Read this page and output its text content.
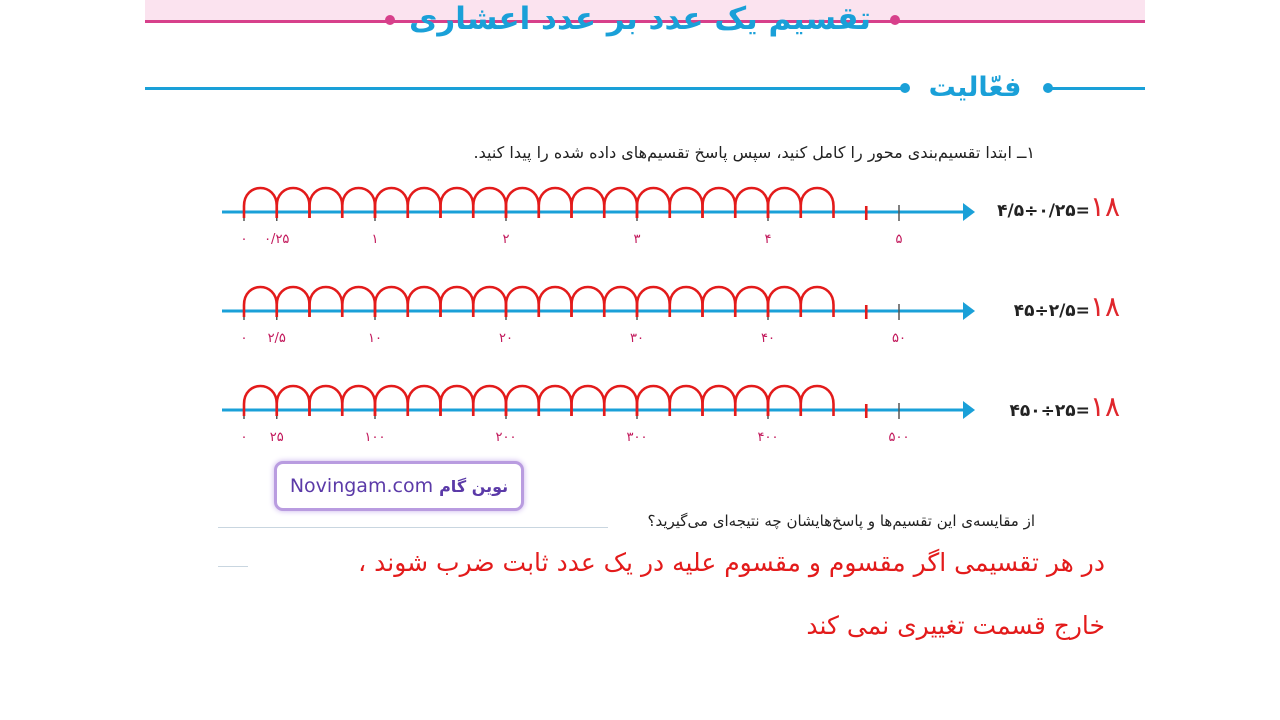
تقسیم یک عدد بر عدد اعشاری
فعّالیت
۱ــ ابتدا تقسیم‌بندی محور را کامل کنید، سپس پاسخ تقسیم‌های داده شده را پیدا کنید.
۰ ۰/۲۵	۱	۲	۳	۴	۵
۰ ۲/۵	۱۰	۲۰	۳۰	۴۰	۵۰
۰ ۲۵	۱۰۰	۲۰۰	۳۰۰	۴۰۰	۵۰۰
۴/۵÷۰/۲۵=۱۸
۴۵÷۲/۵=۱۸
۴۵۰÷۲۵=۱۸
Novingam.com نوین گام
از مقایسه‌ی این تقسیم‌ها و پاسخ‌هایشان چه نتیجه‌ای می‌گیرید؟
در هر تقسیمی اگر مقسوم و مقسوم علیه در یک عدد ثابت ضرب شوند ،
خارج قسمت تغییری نمی کند
